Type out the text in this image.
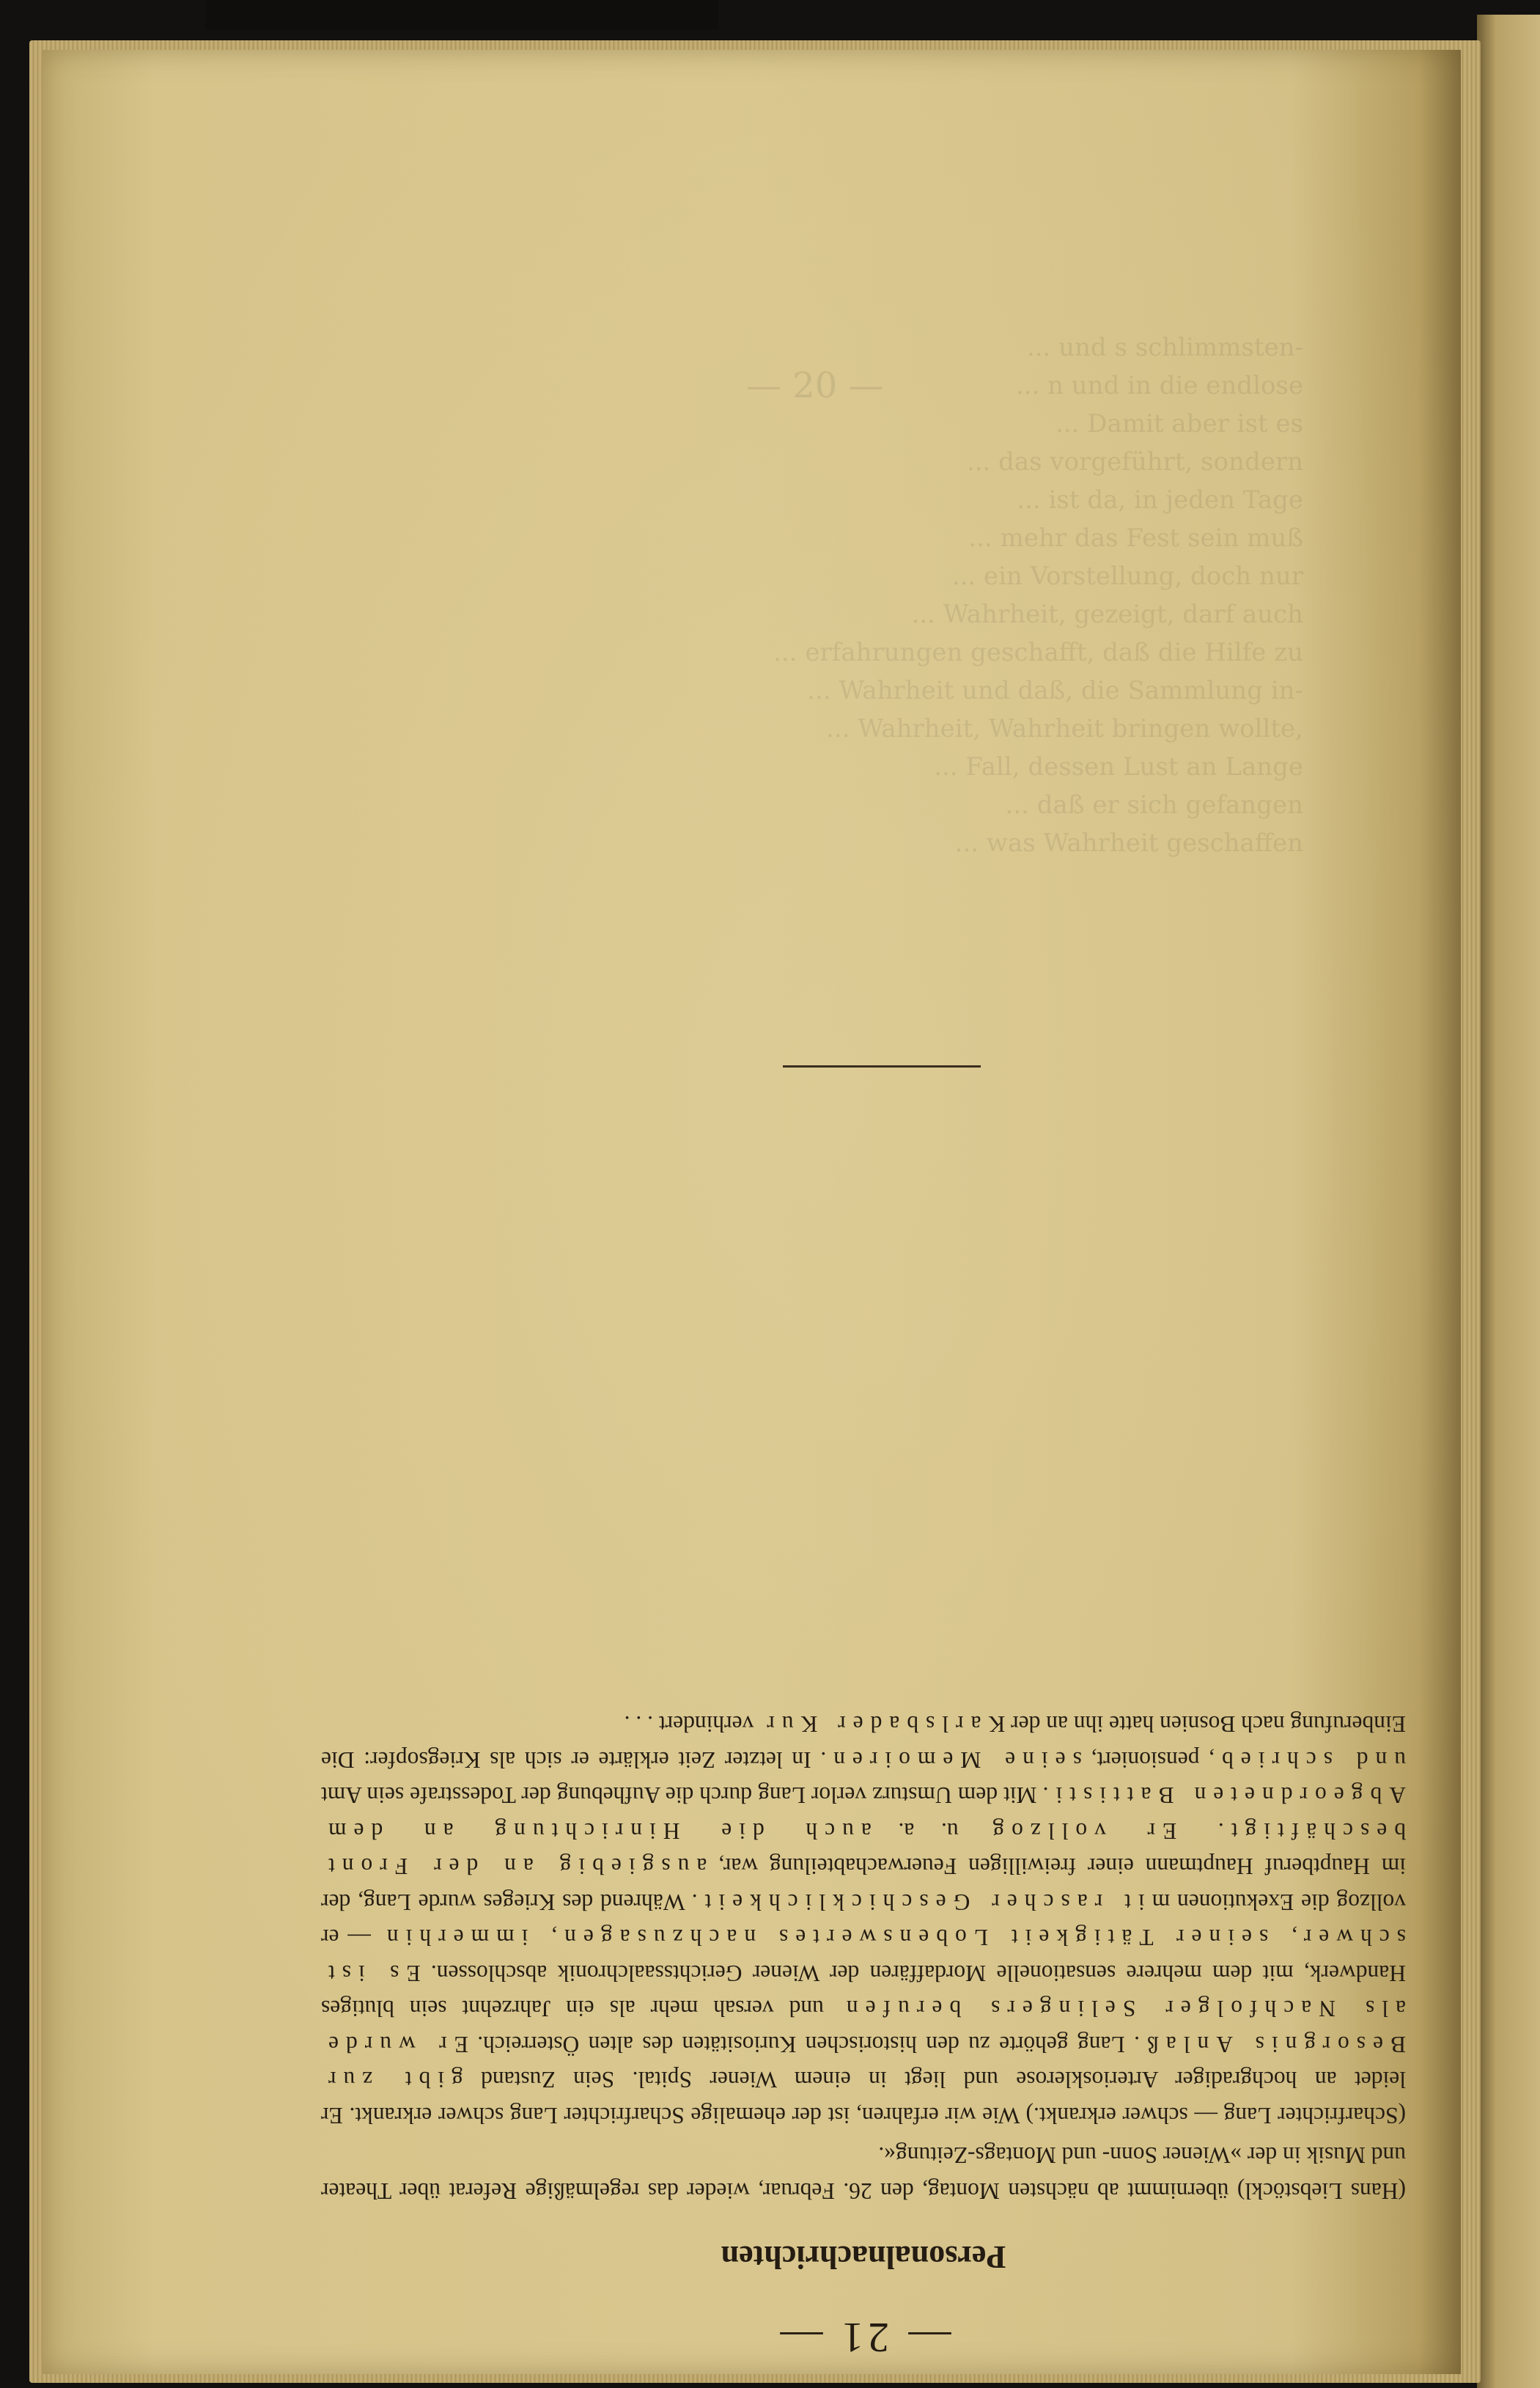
— 20 —
... und s schlimmsten-
... n und in die endlose
... Damit aber ist es
... das vorgeführt, sondern
... ist da, in jeden Tage
... mehr das Fest sein muß
... ein Vorstellung, doch nur
... Wahrheit, gezeigt, darf auch
... erfahrungen geschafft, daß die Hilfe zu
... Wahrheit und daß, die Sammlung in-
... Wahrheit, Wahrheit bringen wollte,
... Fall, dessen Lust an Lange
... daß er sich gefangen
... was Wahrheit geschaffen
— 21 —
Personalnachrichten

(Hans Liebstöckl) übernimmt ab nächsten Montag, den 26. Februar, wieder das regelmäßige Referat über Theater und Musik in der »Wiener Sonn- und Montags-Zeitung«.

(Scharfrichter Lang — schwer erkrankt.) Wie wir erfahren, ist der ehemalige Scharfrichter Lang schwer erkrankt. Er leidet an hochgradiger Arteriosklerose und liegt in einem Wiener Spital. Sein Zustand gibt zur Besorgnis Anlaß. Lang gehörte zu den historischen Kuriositäten des alten Österreich. Er wurde als Nachfolger Selingers berufen und versah mehr als ein Jahrzehnt sein blutiges Handwerk, mit dem mehrere sensationelle Mordaffären der Wiener Gerichtssaalchronik abschlossen. Es ist schwer, seiner Tätigkeit Lobenswertes nachzusagen, immerhin — er vollzog die Exekutionen mit rascher Geschicklichkeit. Während des Krieges wurde Lang, der im Hauptberuf Hauptmann einer freiwilligen Feuerwachabteilung war, ausgiebig an der Front beschäftigt. Er vollzog u. a. auch die Hinrichtung an dem Abgeordneten Battisti. Mit dem Umsturz verlor Lang durch die Aufhebung der Todesstrafe sein Amt und schrieb, pensioniert, seine Memoiren. In letzter Zeit erklärte er sich als Kriegsopfer: Die Einberufung nach Bosnien hatte ihn an der Karlsbader Kur verhindert . . .
